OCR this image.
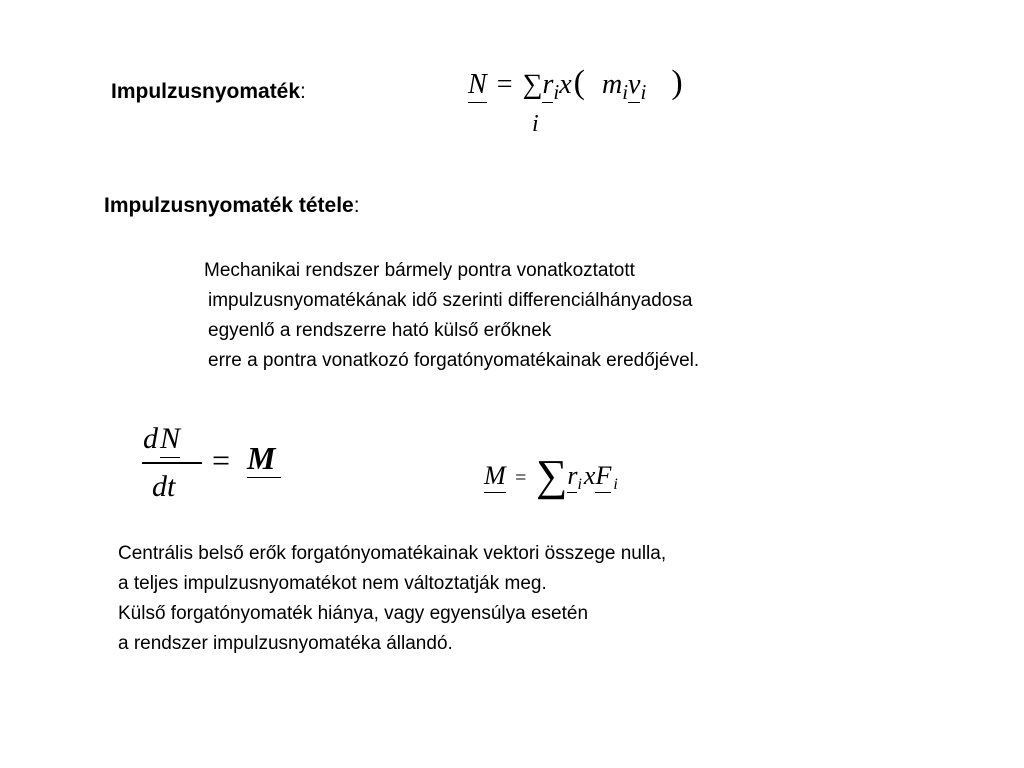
Impulzusnyomaték:	$N = \sum r_ix$( $m_iv_i$ )
i
Impulzusnyomaték tétele:
Mechanikai rendszer bármely pontra vonatkoztatott
impulzusnyomatékának idő szerinti differenciálhányadosa
egyenlő a rendszerre ható külső erőknek
erre a pontra vonatkozó forgatónyomatékainak eredőjével.
dN
dt
= M	M = ∑rixF i
Centrális belső erők forgatónyomatékainak vektori összege nulla,
a teljes impulzusnyomatékot nem változtatják meg.
Külső forgatónyomaték hiánya, vagy egyensúlya esetén
a rendszer impulzusnyomatéka állandó.
